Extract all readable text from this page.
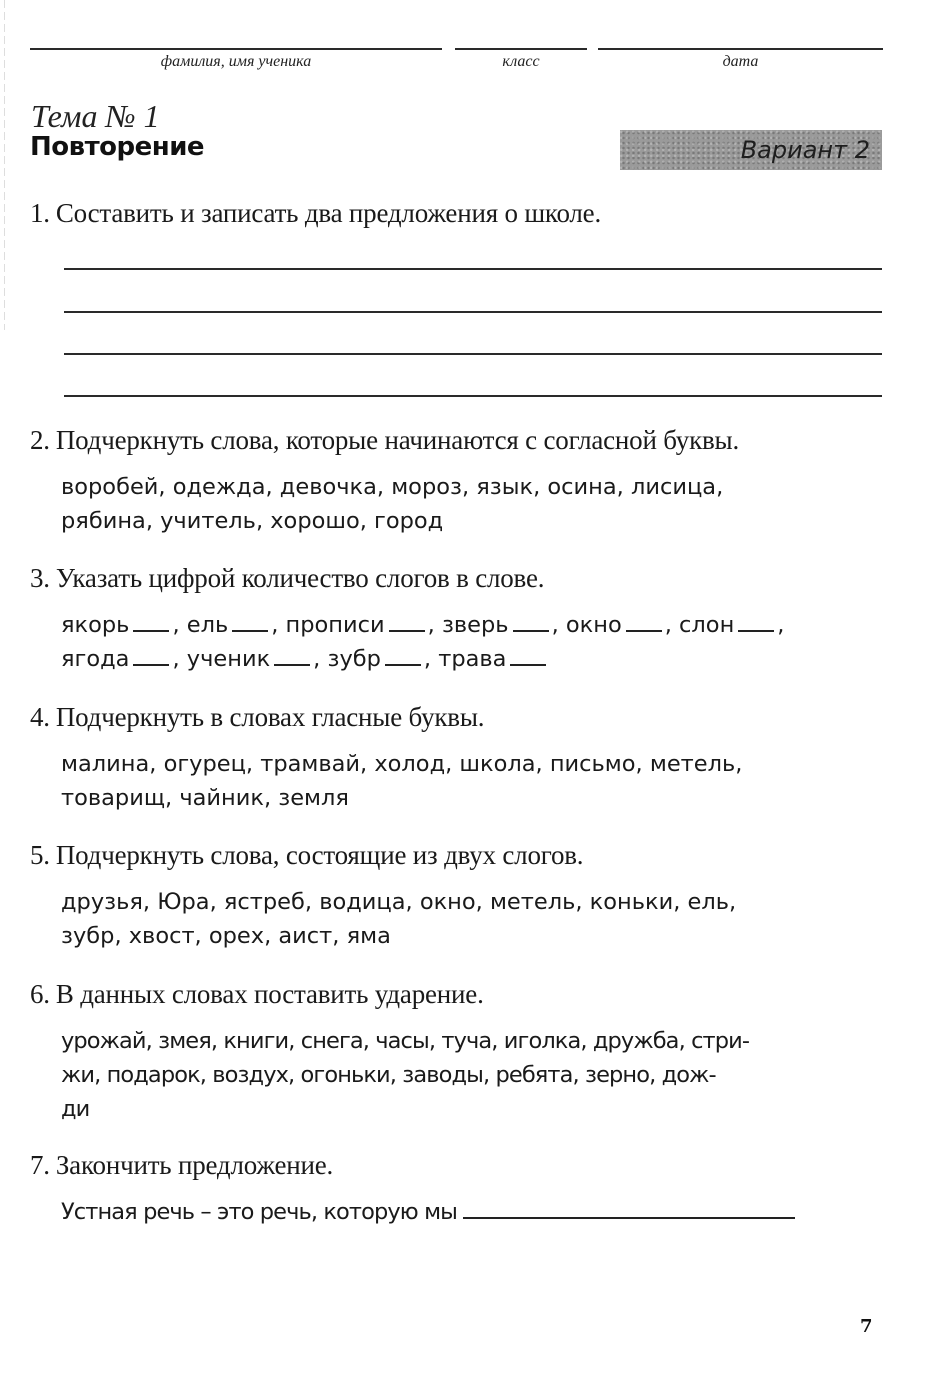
фамилия, имя ученика	класс	дата
Тема № 1
Повторение	Вариант 2
1. Составить и записать два предложения о школе.
2. Подчеркнуть слова, которые начинаются с согласной буквы.
воробей, одежда, девочка, мороз, язык, осина, лисица,
рябина, учитель, хорошо, город
3. Указать цифрой количество слогов в слове.
якорь , ель , прописи , зверь , окно , слон ,
ягода , ученик , зубр , трава
4. Подчеркнуть в словах гласные буквы.
малина, огурец, трамвай, холод, школа, письмо, метель,
товарищ, чайник, земля
5. Подчеркнуть слова, состоящие из двух слогов.
друзья, Юра, ястреб, водица, окно, метель, коньки, ель,
зубр, хвост, орех, аист, яма
6. В данных словах поставить ударение.
урожай, змея, книги, снега, часы, туча, иголка, дружба, стри-
жи, подарок, воздух, огоньки, заводы, ребята, зерно, дож-
ди
7. Закончить предложение.
Устная речь – это речь, которую мы
7
